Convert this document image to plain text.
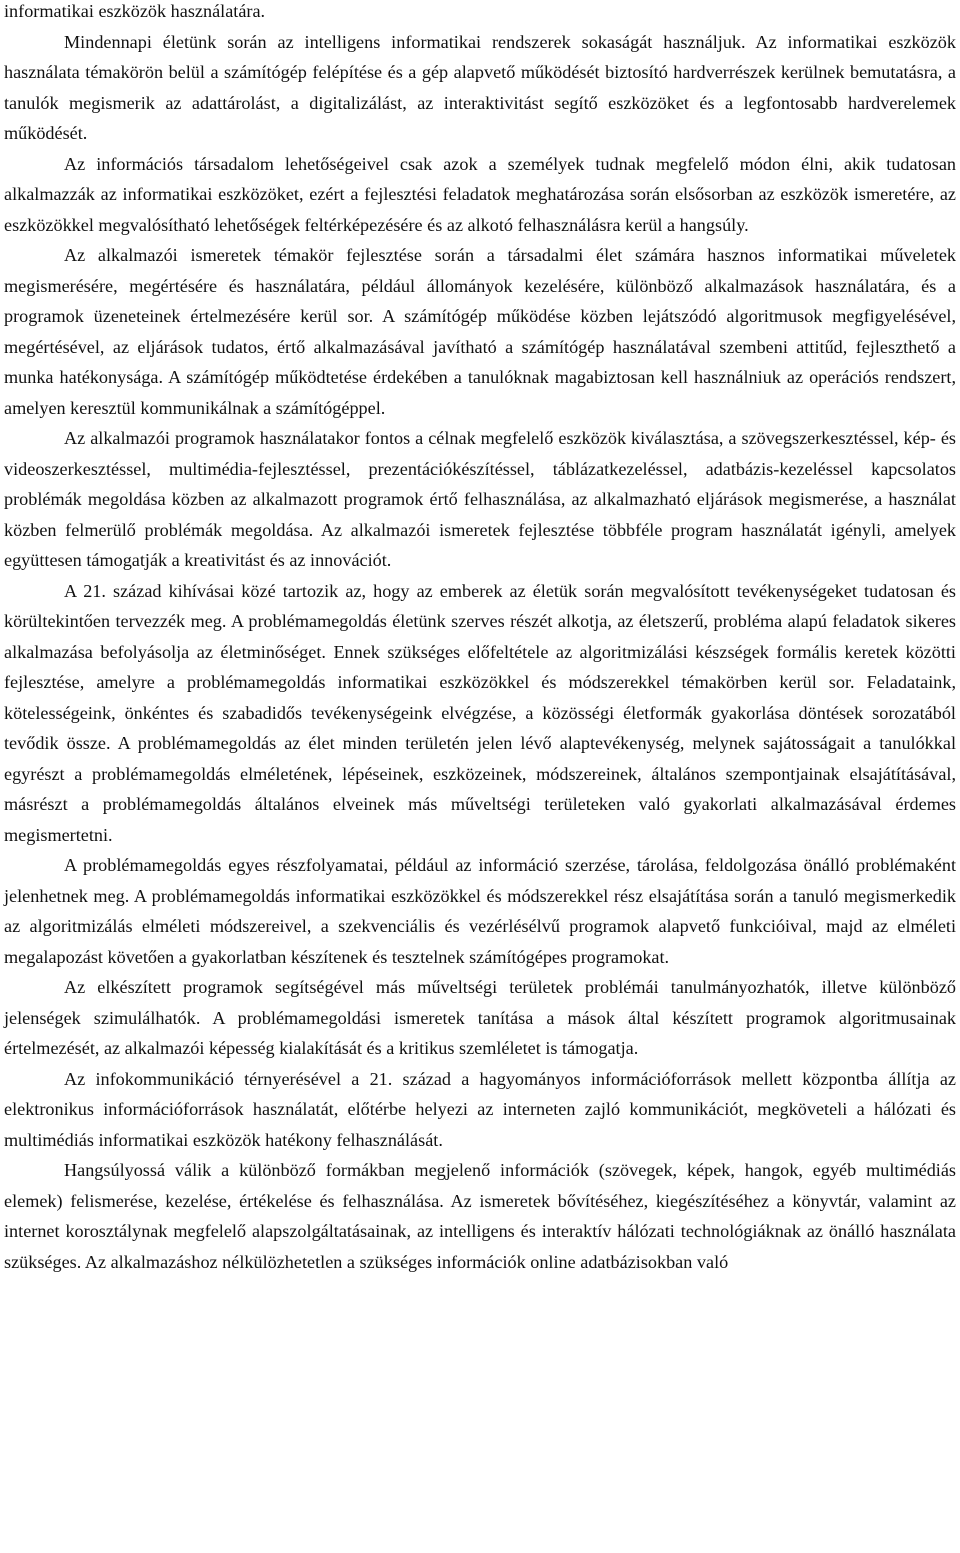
informatikai eszközök használatára.

Mindennapi életünk során az intelligens informatikai rendszerek sokaságát használjuk. Az informatikai eszközök használata témakörön belül a számítógép felépítése és a gép alapvető működését biztosító hardverrészek kerülnek bemutatásra, a tanulók megismerik az adattárolást, a digitalizálást, az interaktivitást segítő eszközöket és a legfontosabb hardverelemek működését.

Az információs társadalom lehetőségeivel csak azok a személyek tudnak megfelelő módon élni, akik tudatosan alkalmazzák az informatikai eszközöket, ezért a fejlesztési feladatok meghatározása során elsősorban az eszközök ismeretére, az eszközökkel megvalósítható lehetőségek feltérképezésére és az alkotó felhasználásra kerül a hangsúly.

Az alkalmazói ismeretek témakör fejlesztése során a társadalmi élet számára hasznos informatikai műveletek megismerésére, megértésére és használatára, például állományok kezelésére, különböző alkalmazások használatára, és a programok üzeneteinek értelmezésére kerül sor. A számítógép működése közben lejátszódó algoritmusok megfigyelésével, megértésével, az eljárások tudatos, értő alkalmazásával javítható a számítógép használatával szembeni attitűd, fejleszthető a munka hatékonysága. A számítógép működtetése érdekében a tanulóknak magabiztosan kell használniuk az operációs rendszert, amelyen keresztül kommunikálnak a számítógéppel.

Az alkalmazói programok használatakor fontos a célnak megfelelő eszközök kiválasztása, a szövegszerkesztéssel, kép- és videoszerkesztéssel, multimédia-fejlesztéssel, prezentációkészítéssel, táblázatkezeléssel, adatbázis-kezeléssel kapcsolatos problémák megoldása közben az alkalmazott programok értő felhasználása, az alkalmazható eljárások megismerése, a használat közben felmerülő problémák megoldása. Az alkalmazói ismeretek fejlesztése többféle program használatát igényli, amelyek együttesen támogatják a kreativitást és az innovációt.

A 21. század kihívásai közé tartozik az, hogy az emberek az életük során megvalósított tevékenységeket tudatosan és körültekintően tervezzék meg. A problémamegoldás életünk szerves részét alkotja, az életszerű, probléma alapú feladatok sikeres alkalmazása befolyásolja az életminőséget. Ennek szükséges előfeltétele az algoritmizálási készségek formális keretek közötti fejlesztése, amelyre a problémamegoldás informatikai eszközökkel és módszerekkel témakörben kerül sor. Feladataink, kötelességeink, önkéntes és szabadidős tevékenységeink elvégzése, a közösségi életformák gyakorlása döntések sorozatából tevődik össze. A problémamegoldás az élet minden területén jelen lévő alaptevékenység, melynek sajátosságait a tanulókkal egyrészt a problémamegoldás elméletének, lépéseinek, eszközeinek, módszereinek, általános szempontjainak elsajátításával, másrészt a problémamegoldás általános elveinek más műveltségi területeken való gyakorlati alkalmazásával érdemes megismertetni.

A problémamegoldás egyes részfolyamatai, például az információ szerzése, tárolása, feldolgozása önálló problémaként jelenhetnek meg. A problémamegoldás informatikai eszközökkel és módszerekkel rész elsajátítása során a tanuló megismerkedik az algoritmizálás elméleti módszereivel, a szekvenciális és vezérlésélvű programok alapvető funkcióival, majd az elméleti megalapozást követően a gyakorlatban készítenek és tesztelnek számítógépes programokat.

Az elkészített programok segítségével más műveltségi területek problémái tanulmányozhatók, illetve különböző jelenségek szimulálhatók. A problémamegoldási ismeretek tanítása a mások által készített programok algoritmusainak értelmezését, az alkalmazói képesség kialakítását és a kritikus szemléletet is támogatja.

Az infokommunikáció térnyerésével a 21. század a hagyományos információforrások mellett központba állítja az elektronikus információforrások használatát, előtérbe helyezi az interneten zajló kommunikációt, megköveteli a hálózati és multimédiás informatikai eszközök hatékony felhasználását.

Hangsúlyossá válik a különböző formákban megjelenő információk (szövegek, képek, hangok, egyéb multimédiás elemek) felismerése, kezelése, értékelése és felhasználása. Az ismeretek bővítéséhez, kiegészítéséhez a könyvtár, valamint az internet korosztálynak megfelelő alapszolgáltatásainak, az intelligens és interaktív hálózati technológiáknak az önálló használata szükséges. Az alkalmazáshoz nélkülözhetetlen a szükséges információk online adatbázisokban való
